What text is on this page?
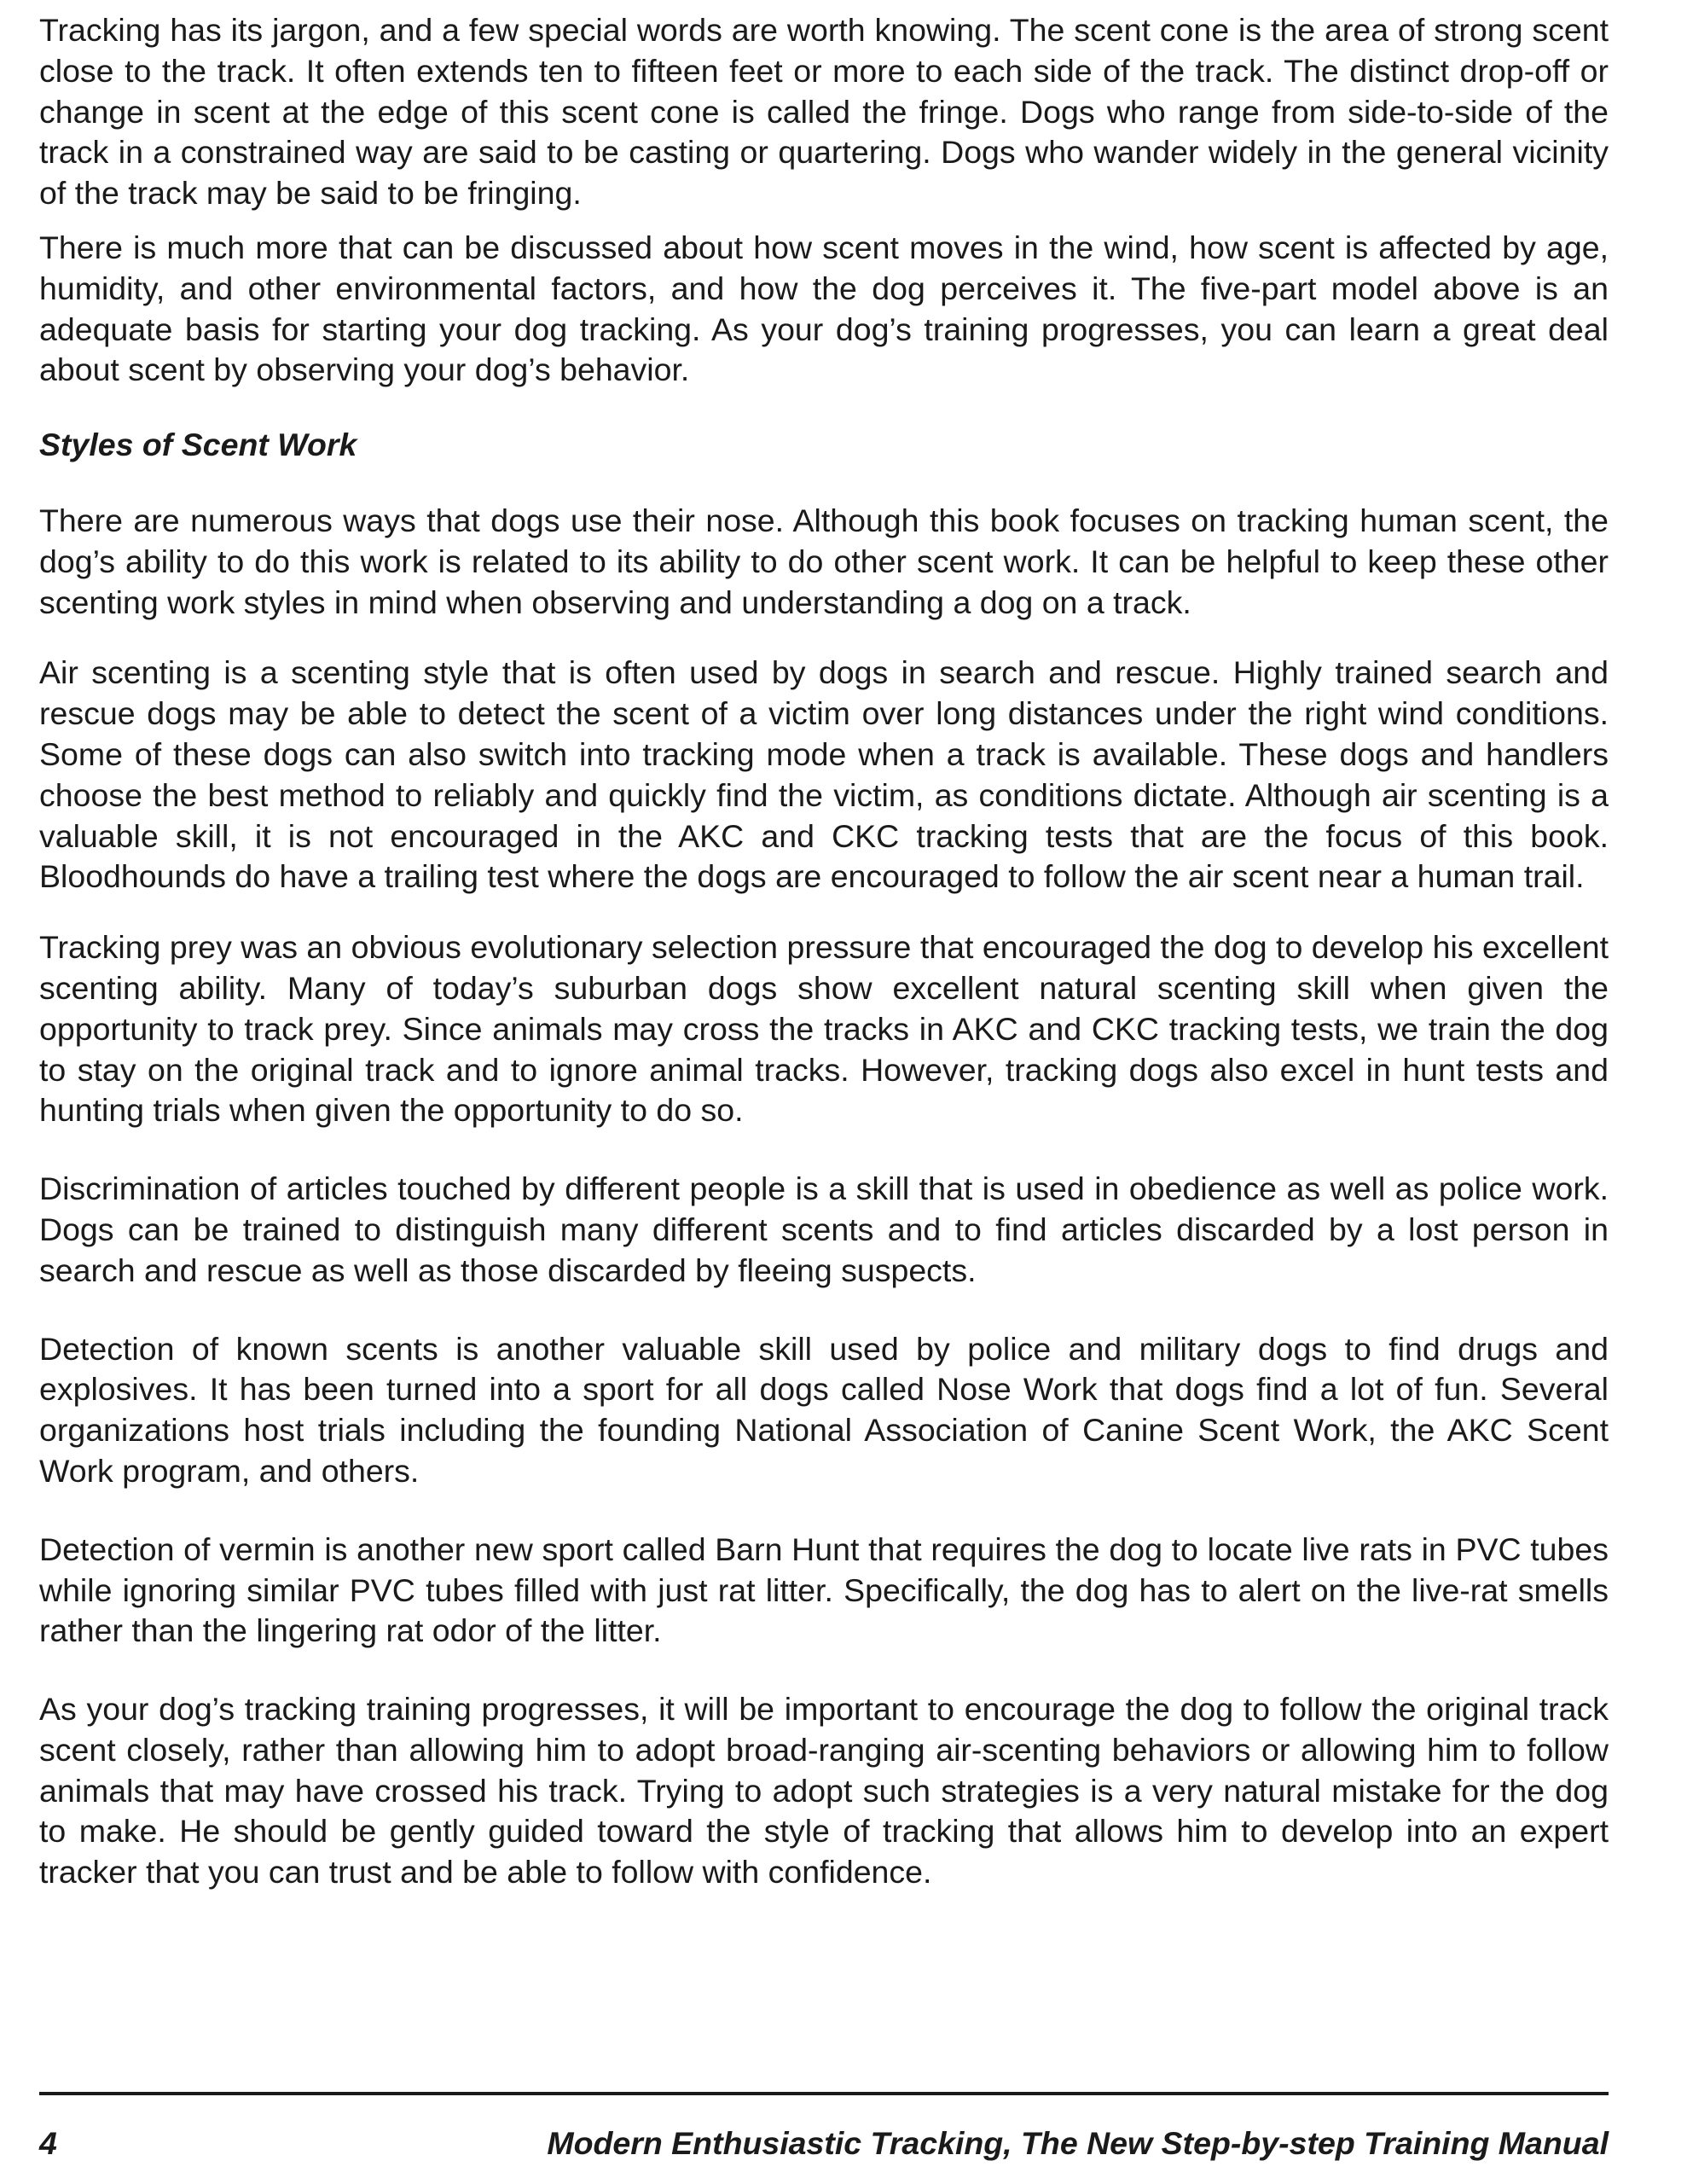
Tracking has its jargon, and a few special words are worth knowing. The scent cone is the area of strong scent close to the track. It often extends ten to fifteen feet or more to each side of the track. The distinct drop-off or change in scent at the edge of this scent cone is called the fringe. Dogs who range from side-to-side of the track in a constrained way are said to be casting or quartering. Dogs who wander widely in the general vicinity of the track may be said to be fringing.

There is much more that can be discussed about how scent moves in the wind, how scent is affected by age, humidity, and other environmental factors, and how the dog perceives it. The five-part model above is an adequate basis for starting your dog tracking. As your dog’s training progresses, you can learn a great deal about scent by observing your dog’s behavior.

Styles of Scent Work

There are numerous ways that dogs use their nose. Although this book focuses on tracking human scent, the dog’s ability to do this work is related to its ability to do other scent work. It can be helpful to keep these other scenting work styles in mind when observing and understanding a dog on a track.

Air scenting is a scenting style that is often used by dogs in search and rescue. Highly trained search and rescue dogs may be able to detect the scent of a victim over long distances under the right wind conditions. Some of these dogs can also switch into tracking mode when a track is available. These dogs and handlers choose the best method to reliably and quickly find the victim, as conditions dictate. Although air scenting is a valuable skill, it is not encouraged in the AKC and CKC tracking tests that are the focus of this book. Bloodhounds do have a trailing test where the dogs are encouraged to follow the air scent near a human trail.

Tracking prey was an obvious evolutionary selection pressure that encouraged the dog to develop his excellent scenting ability. Many of today’s suburban dogs show excellent natural scenting skill when given the opportunity to track prey. Since animals may cross the tracks in AKC and CKC tracking tests, we train the dog to stay on the original track and to ignore animal tracks. However, tracking dogs also excel in hunt tests and hunting trials when given the opportunity to do so.

Discrimination of articles touched by different people is a skill that is used in obedience as well as police work. Dogs can be trained to distinguish many different scents and to find articles discarded by a lost person in search and rescue as well as those discarded by fleeing suspects.

Detection of known scents is another valuable skill used by police and military dogs to find drugs and explosives. It has been turned into a sport for all dogs called Nose Work that dogs find a lot of fun. Several organizations host trials including the founding National Association of Canine Scent Work, the AKC Scent Work program, and others.

Detection of vermin is another new sport called Barn Hunt that requires the dog to locate live rats in PVC tubes while ignoring similar PVC tubes filled with just rat litter. Specifically, the dog has to alert on the live-rat smells rather than the lingering rat odor of the litter.

As your dog’s tracking training progresses, it will be important to encourage the dog to follow the original track scent closely, rather than allowing him to adopt broad-ranging air-scenting behaviors or allowing him to follow animals that may have crossed his track. Trying to adopt such strategies is a very natural mistake for the dog to make. He should be gently guided toward the style of tracking that allows him to develop into an expert tracker that you can trust and be able to follow with confidence.

4	Modern Enthusiastic Tracking, The New Step-by-step Training Manual
